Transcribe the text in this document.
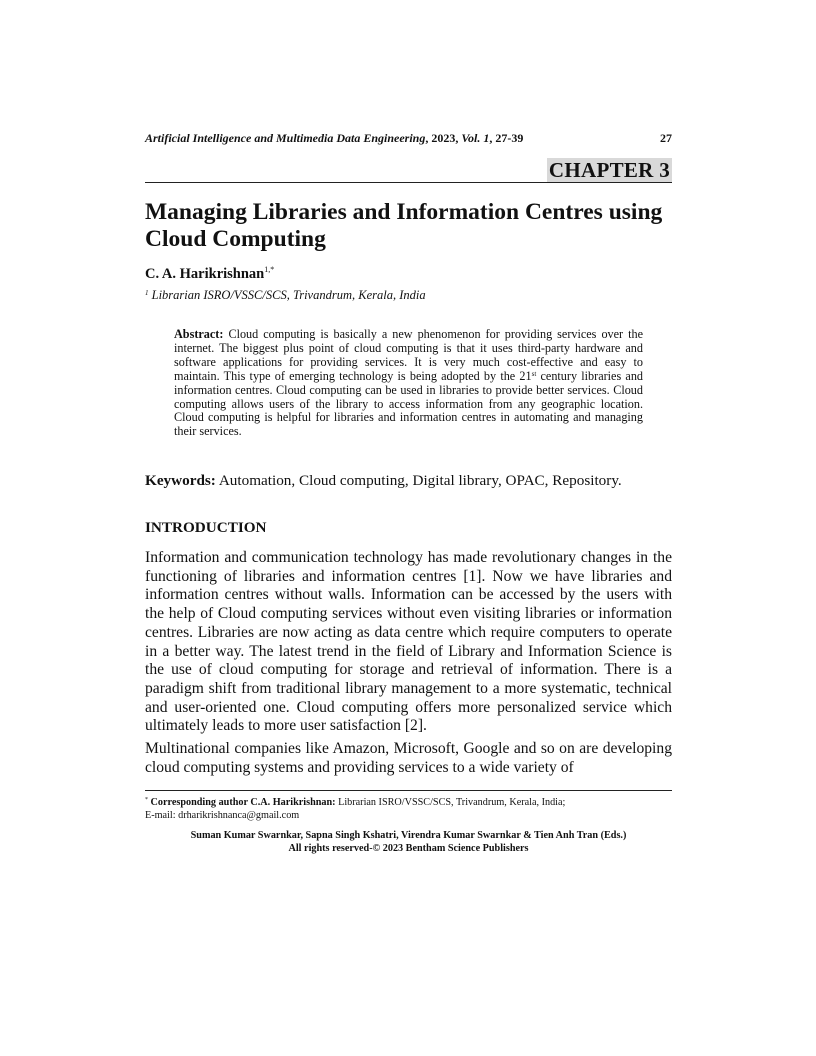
Artificial Intelligence and Multimedia Data Engineering, 2023, Vol. 1, 27-39	27
CHAPTER 3
Managing Libraries and Information Centres using Cloud Computing
C. A. Harikrishnan$^{1,*}$
$^1$ Librarian ISRO/VSSC/SCS, Trivandrum, Kerala, India

Abstract: Cloud computing is basically a new phenomenon for providing services over the internet. The biggest plus point of cloud computing is that it uses third-party hardware and software applications for providing services. It is very much cost-effective and easy to maintain. This type of emerging technology is being adopted by the 21st century libraries and information centres. Cloud computing can be used in libraries to provide better services. Cloud computing allows users of the library to access information from any geographic location. Cloud computing is helpful for libraries and information centres in automating and managing their services.

Keywords: Automation, Cloud computing, Digital library, OPAC, Repository.
INTRODUCTION

Information and communication technology has made revolutionary changes in the functioning of libraries and information centres [1]. Now we have libraries and information centres without walls. Information can be accessed by the users with the help of Cloud computing services without even visiting libraries or information centres. Libraries are now acting as data centre which require computers to operate in a better way. The latest trend in the field of Library and Information Science is the use of cloud computing for storage and retrieval of information. There is a paradigm shift from traditional library management to a more systematic, technical and user-oriented one. Cloud computing offers more personalized service which ultimately leads to more user satisfaction [2].

Multinational companies like Amazon, Microsoft, Google and so on are developing cloud computing systems and providing services to a wide variety of

* Corresponding author C.A. Harikrishnan: Librarian ISRO/VSSC/SCS, Trivandrum, Kerala, India;
E-mail: drharikrishnanca@gmail.com
Suman Kumar Swarnkar, Sapna Singh Kshatri, Virendra Kumar Swarnkar & Tien Anh Tran (Eds.)
All rights reserved-© 2023 Bentham Science Publishers
